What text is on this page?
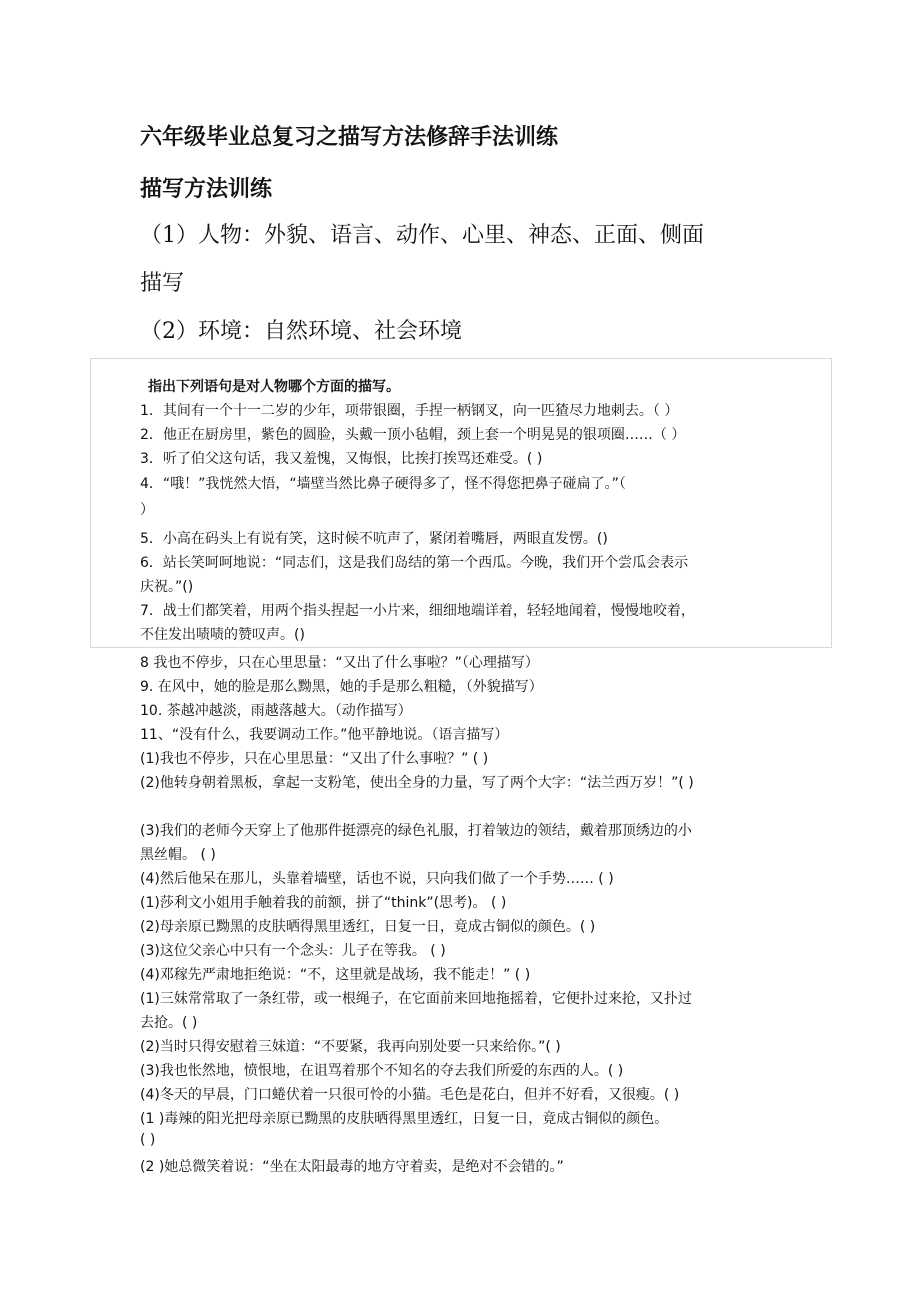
六年级毕业总复习之描写方法修辞手法训练
描写方法训练
（1）人物：外貌、语言、动作、心里、神态、正面、侧面
描写
（2）环境：自然环境、社会环境
指出下列语句是对人物哪个方面的描写。
1．其间有一个十一二岁的少年，项带银圈，手捏一柄钢叉，向一匹猹尽力地刺去。（ ）
2．他正在厨房里，紫色的圆脸，头戴一顶小毡帽，颈上套一个明晃晃的银项圈……（ ）
3．听了伯父这句话，我又羞愧，又悔恨，比挨打挨骂还难受。( )
4．“哦！”我恍然大悟，“墙壁当然比鼻子硬得多了，怪不得您把鼻子碰扁了。”（
）
5．小高在码头上有说有笑，这时候不吭声了，紧闭着嘴唇，两眼直发愣。()
6．站长笑呵呵地说：“同志们，这是我们岛结的第一个西瓜。今晚，我们开个尝瓜会表示
庆祝。”()
7．战士们都笑着，用两个指头捏起一小片来，细细地端详着，轻轻地闻着，慢慢地咬着，
不住发出啧啧的赞叹声。()
8 我也不停步，只在心里思量：“又出了什么事啦？”（心理描写）
9. 在风中，她的脸是那么黝黑，她的手是那么粗糙，（外貌描写）
10. 茶越冲越淡，雨越落越大。（动作描写）
11、“没有什么，我要调动工作。”他平静地说。（语言描写）
(1)我也不停步，只在心里思量：“又出了什么事啦？” ( )
(2)他转身朝着黑板，拿起一支粉笔，使出全身的力量，写了两个大字：“法兰西万岁！”( )
(3)我们的老师今天穿上了他那件挺漂亮的绿色礼服，打着皱边的领结，戴着那顶绣边的小
黑丝帽。 ( )
(4)然后他呆在那儿，头靠着墙壁，话也不说，只向我们做了一个手势…… ( )
(1)莎利文小姐用手触着我的前额，拼了“think”(思考)。 ( )
(2)母亲原已黝黑的皮肤晒得黑里透红，日复一日，竟成古铜似的颜色。( )
(3)这位父亲心中只有一个念头：儿子在等我。 ( )
(4)邓稼先严肃地拒绝说：“不，这里就是战场，我不能走！” ( )
(1)三妹常常取了一条红带，或一根绳子，在它面前来回地拖摇着，它便扑过来抢，又扑过
去抢。( )
(2)当时只得安慰着三妹道：“不要紧，我再向别处要一只来给你。”( )
(3)我也怅然地，愤恨地，在诅骂着那个不知名的夺去我们所爱的东西的人。( )
(4)冬天的早晨，门口蜷伏着一只很可怜的小猫。毛色是花白，但并不好看，又很瘦。( )
(1 )毒辣的阳光把母亲原已黝黑的皮肤晒得黑里透红，日复一日，竟成古铜似的颜色。
( )
(2 )她总微笑着说：“坐在太阳最毒的地方守着卖，是绝对不会错的。”
